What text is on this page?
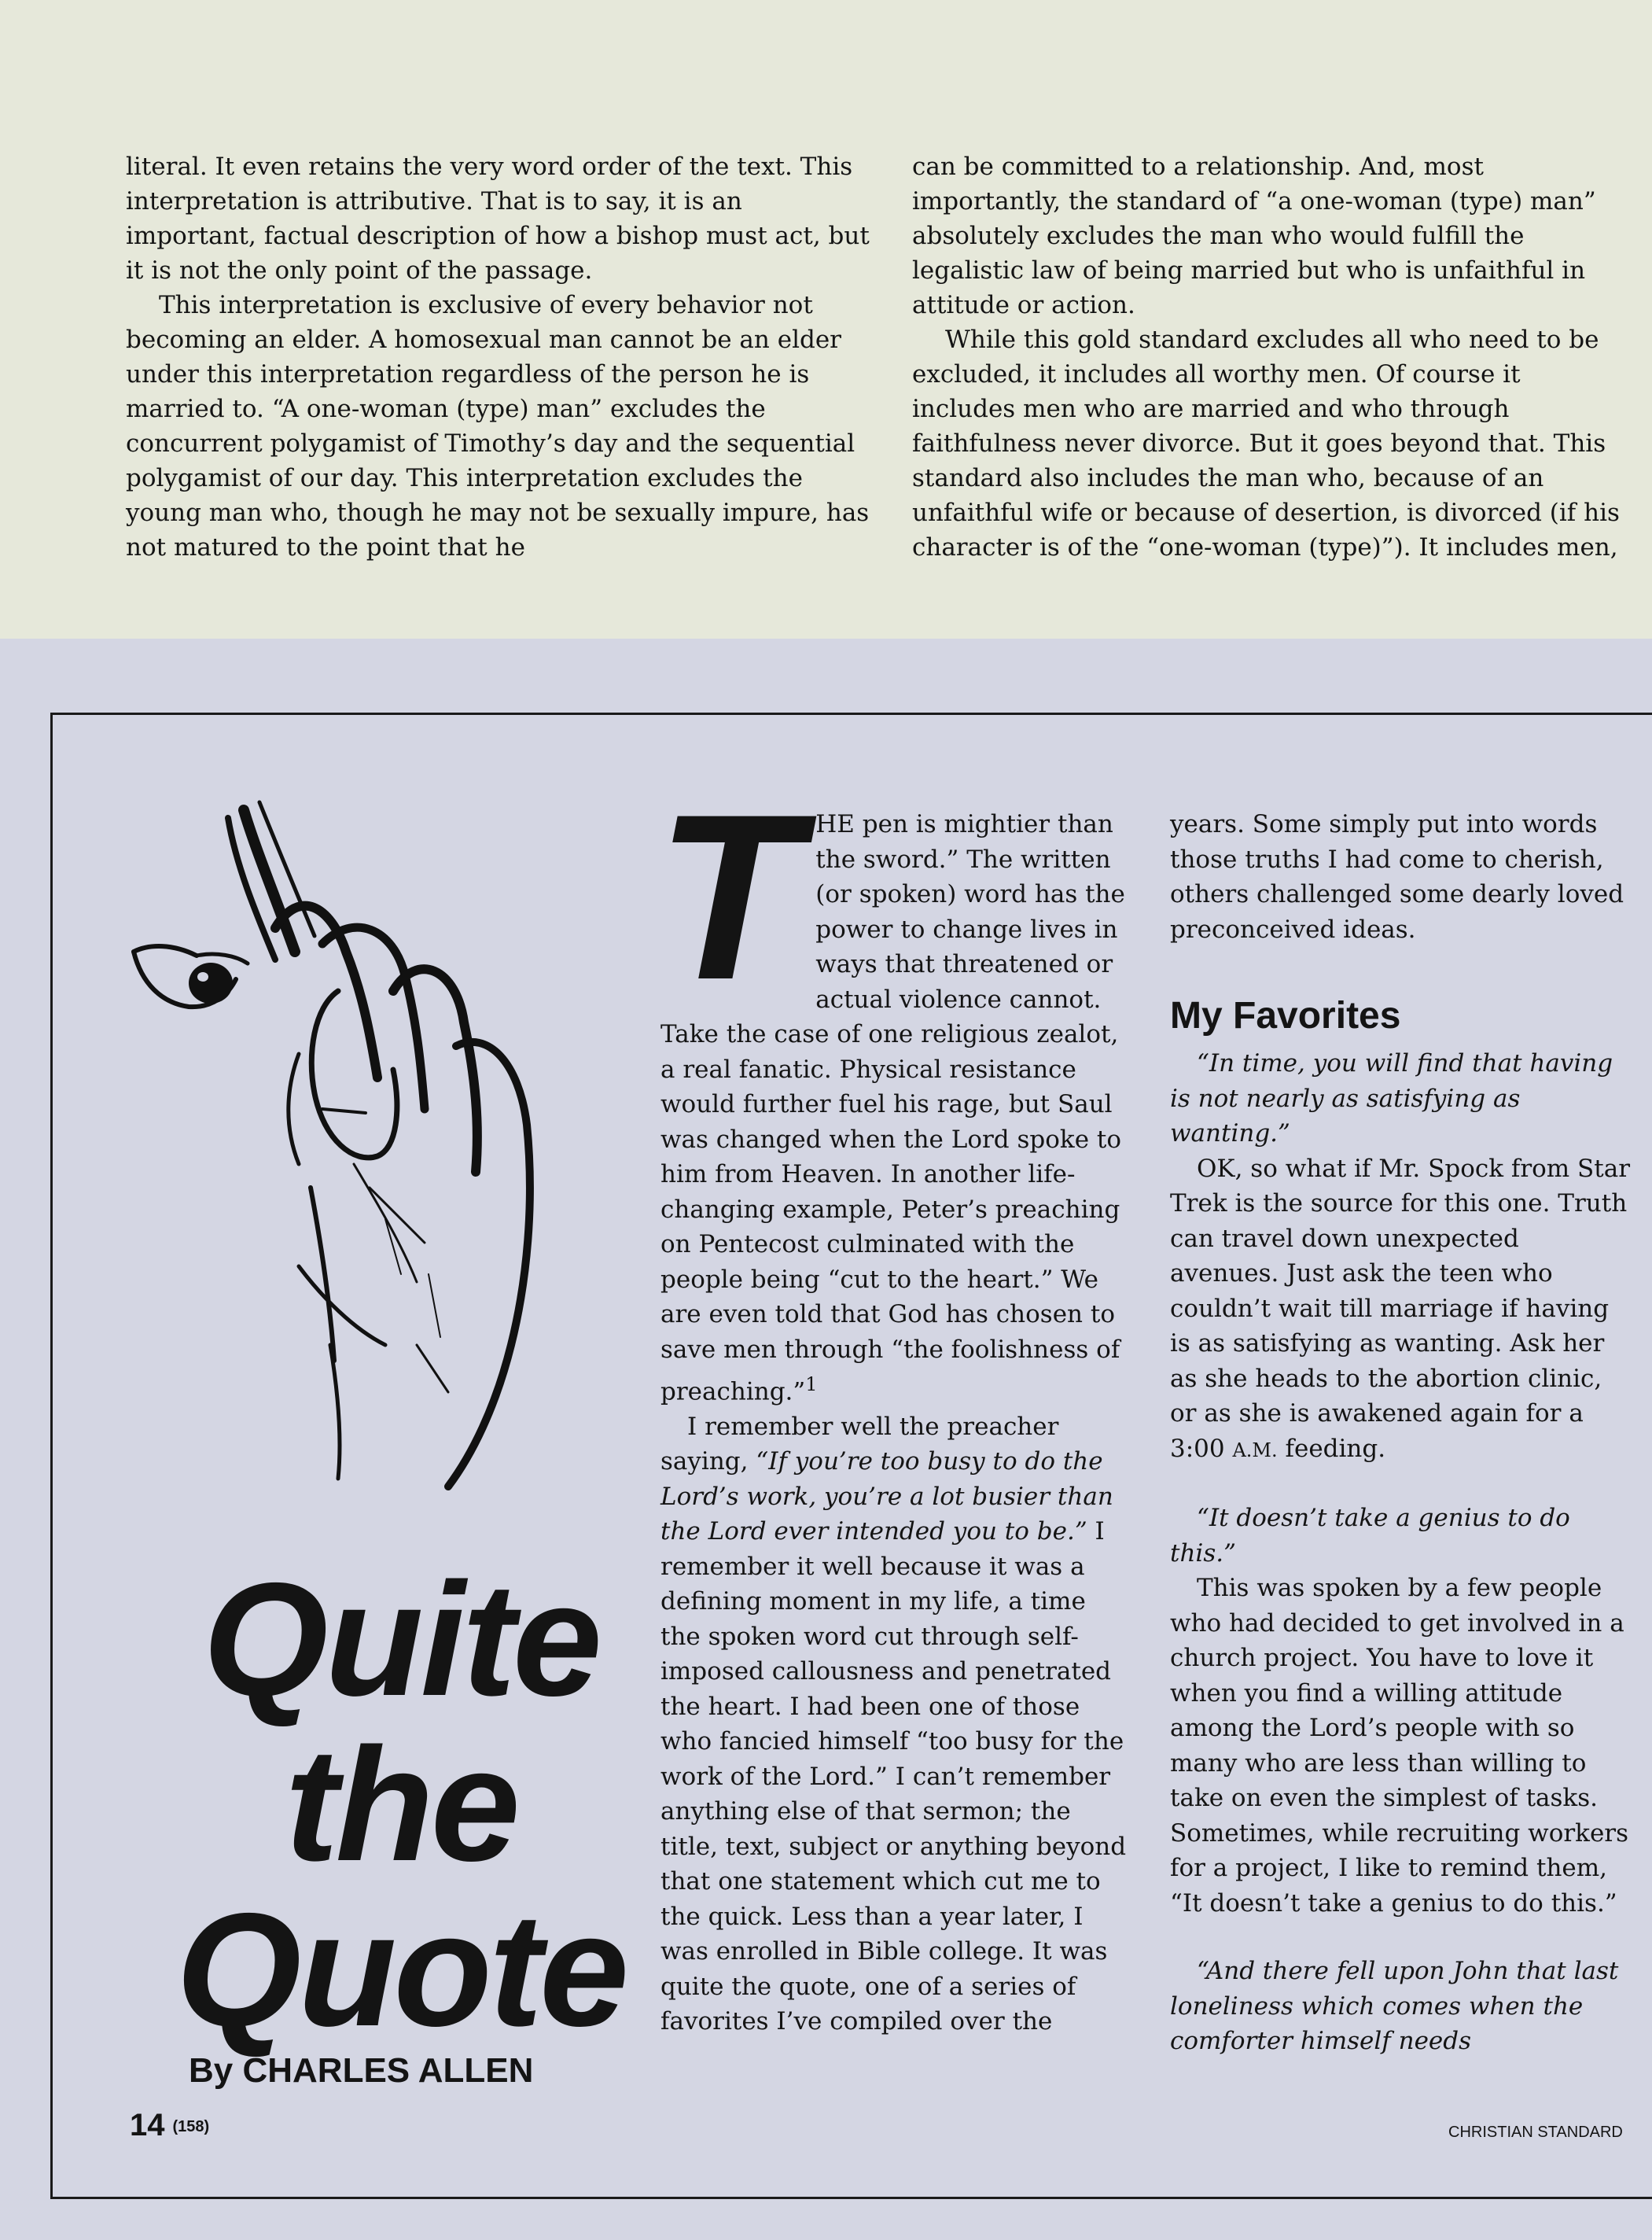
literal. It even retains the very word order of the text. This interpretation is attributive. That is to say, it is an important, factual description of how a bishop must act, but it is not the only point of the passage.

This interpretation is exclusive of every behavior not becoming an elder. A homosexual man cannot be an elder under this interpretation regardless of the person he is married to. “A one-woman (type) man” excludes the concurrent polygamist of Timothy’s day and the sequential polygamist of our day. This interpretation excludes the young man who, though he may not be sexually impure, has not matured to the point that he

can be committed to a relationship. And, most importantly, the standard of “a one-woman (type) man” absolutely excludes the man who would fulfill the legalistic law of being married but who is unfaithful in attitude or action.

While this gold standard excludes all who need to be excluded, it includes all worthy men. Of course it includes men who are married and who through faithfulness never divorce. But it goes beyond that. This standard also includes the man who, because of an unfaithful wife or because of desertion, is divorced (if his character is of the “one-woman (type)”). It includes men,

Quite
the
Quote
By CHARLES ALLEN
14 (158)	CHRISTIAN STANDARD

THE pen is mightier than the sword.” The written (or spoken) word has the power to change lives in ways that threatened or actual violence cannot. Take the case of one religious zealot, a real fanatic. Physical resistance would further fuel his rage, but Saul was changed when the Lord spoke to him from Heaven. In another life-changing example, Peter’s preaching on Pentecost culminated with the people being “cut to the heart.” We are even told that God has chosen to save men through “the foolishness of preaching.”$^1$

I remember well the preacher saying, “If you’re too busy to do the Lord’s work, you’re a lot busier than the Lord ever intended you to be.” I remember it well because it was a defining moment in my life, a time the spoken word cut through self-imposed callousness and penetrated the heart. I had been one of those who fancied himself “too busy for the work of the Lord.” I can’t remember anything else of that sermon; the title, text, subject or anything beyond that one statement which cut me to the quick. Less than a year later, I was enrolled in Bible college. It was quite the quote, one of a series of favorites I’ve compiled over the

years. Some simply put into words those truths I had come to cherish, others challenged some dearly loved preconceived ideas.

My Favorites

“In time, you will find that having is not nearly as satisfying as wanting.”

OK, so what if Mr. Spock from Star Trek is the source for this one. Truth can travel down unexpected avenues. Just ask the teen who couldn’t wait till marriage if having is as satisfying as wanting. Ask her as she heads to the abortion clinic, or as she is awakened again for a 3:00 A.M. feeding.

“It doesn’t take a genius to do this.”

This was spoken by a few people who had decided to get involved in a church project. You have to love it when you find a willing attitude among the Lord’s people with so many who are less than willing to take on even the simplest of tasks. Sometimes, while recruiting workers for a project, I like to remind them, “It doesn’t take a genius to do this.”

“And there fell upon John that last loneliness which comes when the comforter himself needs
